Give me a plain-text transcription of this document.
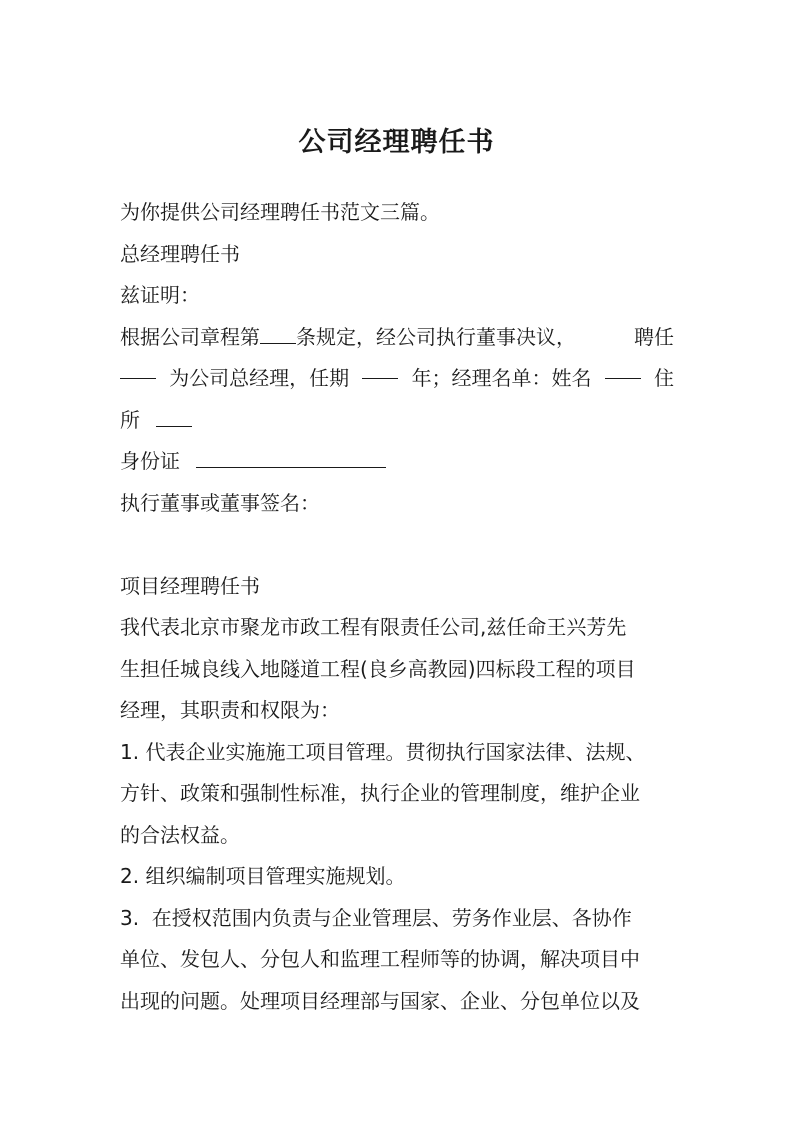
公司经理聘任书
为你提供公司经理聘任书范文三篇。
总经理聘任书
兹证明：
根据公司章程第 条规定，经公司执行董事决议，	聘任
为公司总经理，任期	年；经理名单：姓名	住
所
身份证
执行董事或董事签名：
项目经理聘任书
我代表北京市聚龙市政工程有限责任公司,兹任命王兴芳先
生担任城良线入地隧道工程(良乡高教园)四标段工程的项目
经理，其职责和权限为：
1. 代表企业实施施工项目管理。贯彻执行国家法律、法规、
方针、政策和强制性标准，执行企业的管理制度，维护企业
的合法权益。
2. 组织编制项目管理实施规划。
3.  在授权范围内负责与企业管理层、劳务作业层、各协作
单位、发包人、分包人和监理工程师等的协调，解决项目中
出现的问题。处理项目经理部与国家、企业、分包单位以及
